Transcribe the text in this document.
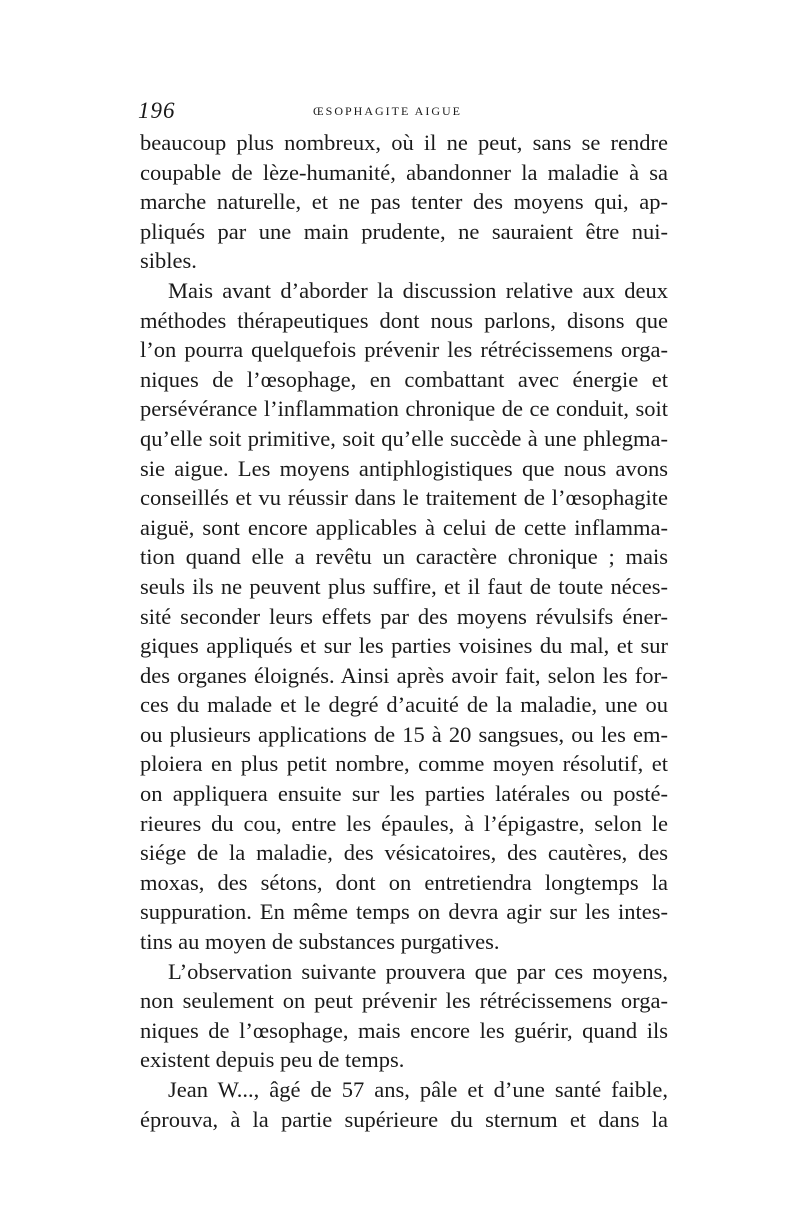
196	ŒSOPHAGITE AIGUE
beaucoup plus nombreux, où il ne peut, sans se rendre
coupable de lèze-humanité, abandonner la maladie à sa
marche naturelle, et ne pas tenter des moyens qui, ap-
pliqués par une main prudente, ne sauraient être nui-
sibles.
Mais avant d’aborder la discussion relative aux deux
méthodes thérapeutiques dont nous parlons, disons que
l’on pourra quelquefois prévenir les rétrécissemens orga-
niques de l’œsophage, en combattant avec énergie et
persévérance l’inflammation chronique de ce conduit, soit
qu’elle soit primitive, soit qu’elle succède à une phlegma-
sie aigue. Les moyens antiphlogistiques que nous avons
conseillés et vu réussir dans le traitement de l’œsophagite
aiguë, sont encore applicables à celui de cette inflamma-
tion quand elle a revêtu un caractère chronique ; mais
seuls ils ne peuvent plus suffire, et il faut de toute néces-
sité seconder leurs effets par des moyens révulsifs éner-
giques appliqués et sur les parties voisines du mal, et sur
des organes éloignés. Ainsi après avoir fait, selon les for-
ces du malade et le degré d’acuité de la maladie, une ou
ou plusieurs applications de 15 à 20 sangsues, ou les em-
ploiera en plus petit nombre, comme moyen résolutif, et
on appliquera ensuite sur les parties latérales ou posté-
rieures du cou, entre les épaules, à l’épigastre, selon le
siége de la maladie, des vésicatoires, des cautères, des
moxas, des sétons, dont on entretiendra longtemps la
suppuration. En même temps on devra agir sur les intes-
tins au moyen de substances purgatives.
L’observation suivante prouvera que par ces moyens,
non seulement on peut prévenir les rétrécissemens orga-
niques de l’œsophage, mais encore les guérir, quand ils
existent depuis peu de temps.
Jean W..., âgé de 57 ans, pâle et d’une santé faible,
éprouva, à la partie supérieure du sternum et dans la
